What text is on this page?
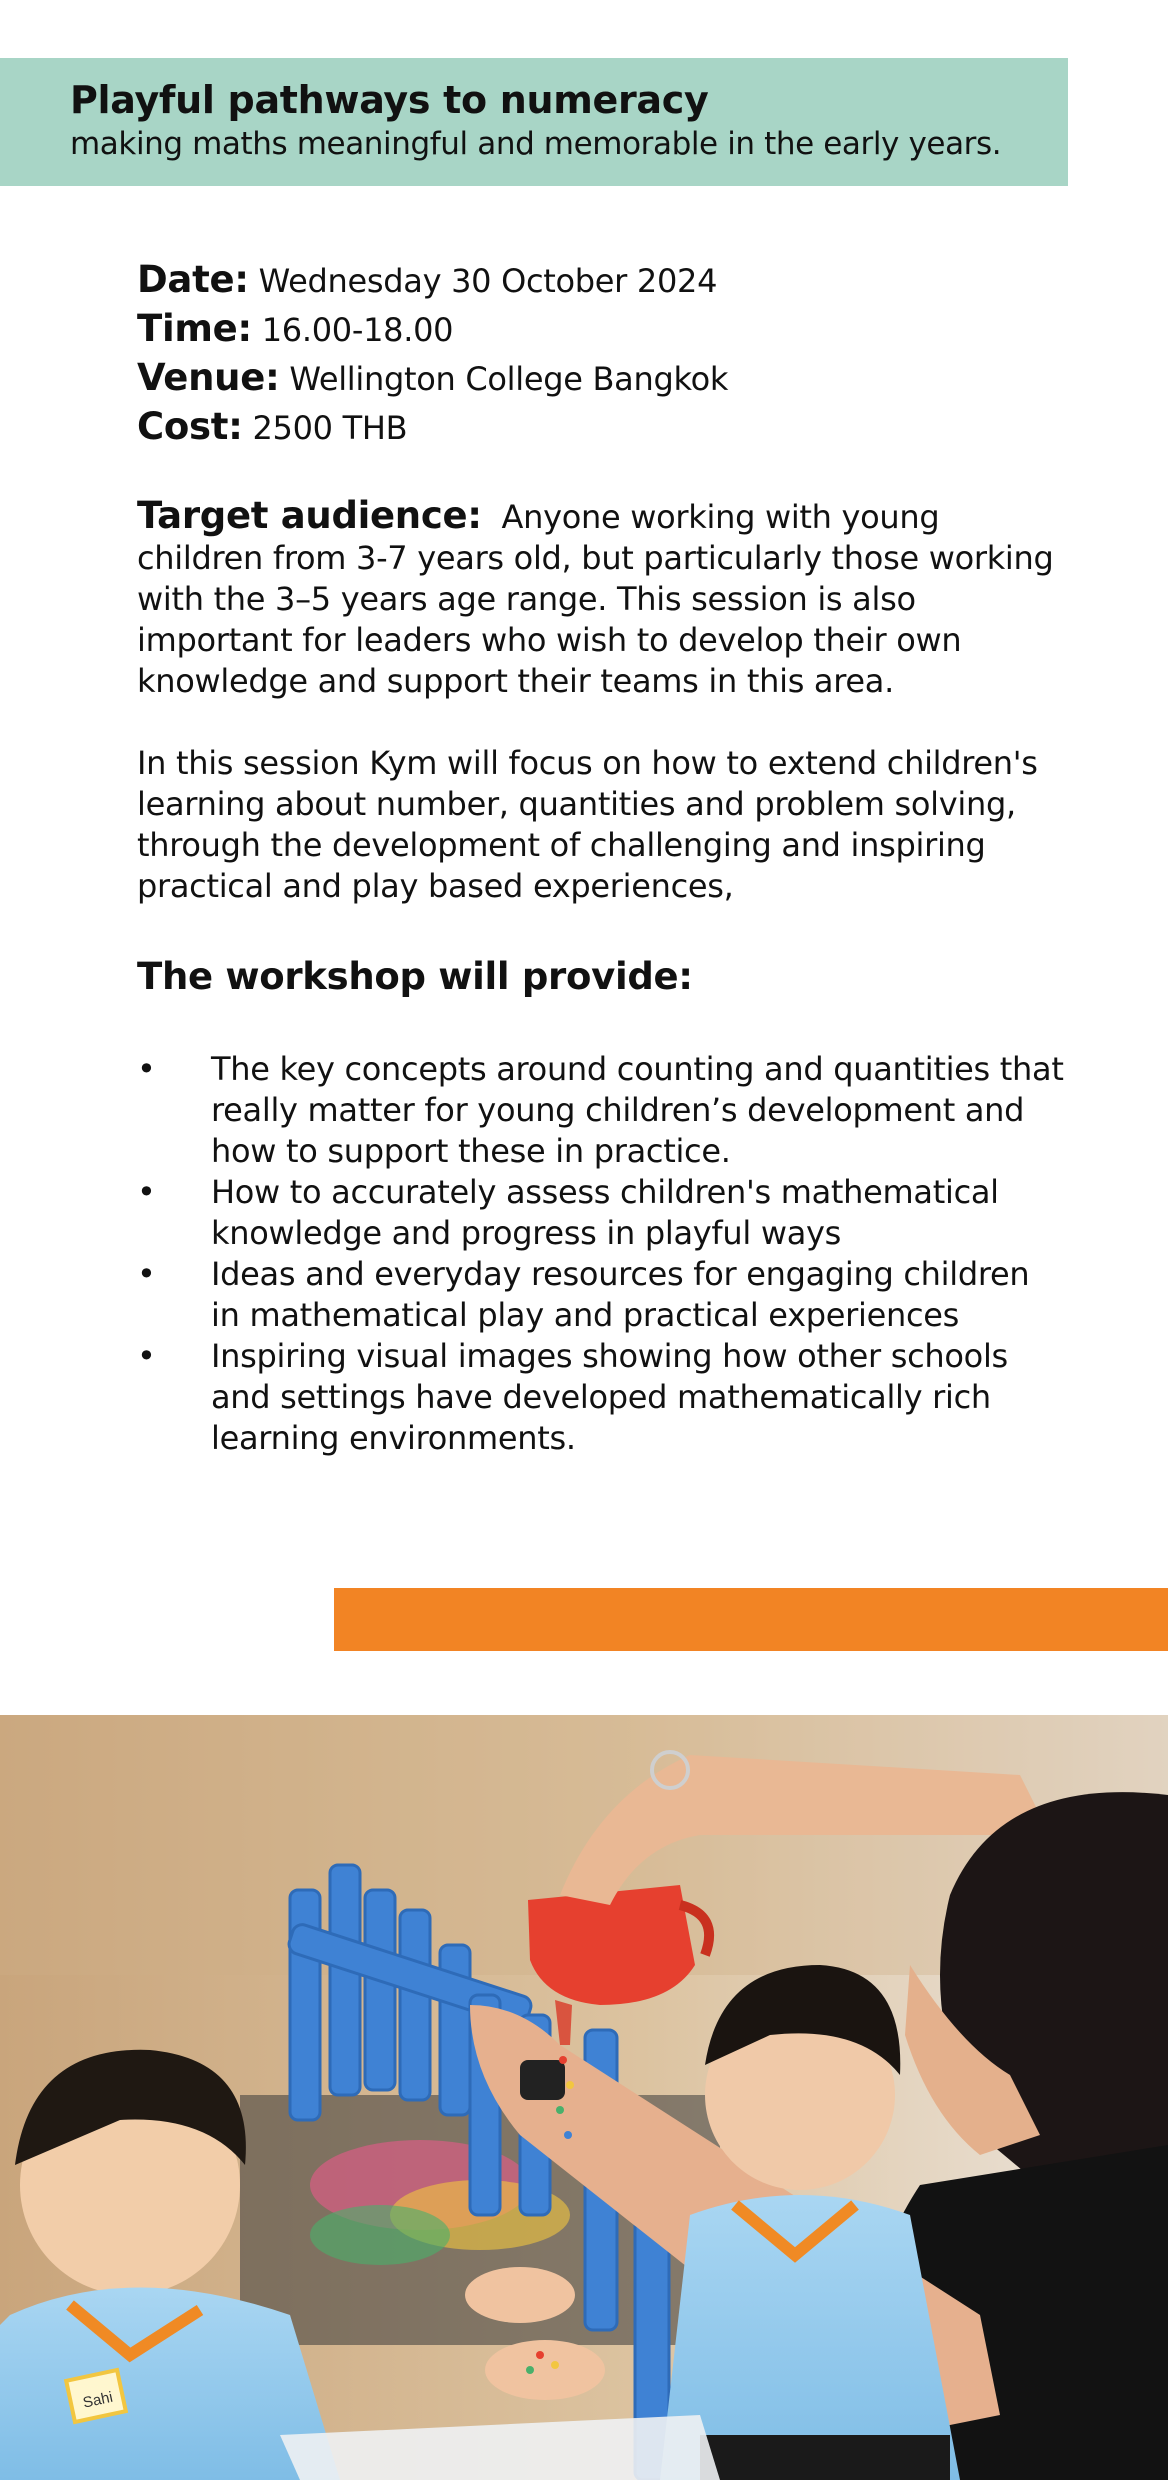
Playful pathways to numeracy
making maths meaningful and memorable in the early years.
Date: Wednesday 30 October 2024
Time: 16.00-18.00
Venue: Wellington College Bangkok
Cost: 2500 THB
Target audience: Anyone working with young children from 3-7 years old, but particularly those working with the 3–5 years age range. This session is also important for leaders who wish to develop their own knowledge and support their teams in this area.
In this session Kym will focus on how to extend children's learning about number, quantities and problem solving, through the development of challenging and inspiring practical and play based experiences,
The workshop will provide:
• The key concepts around counting and quantities that really matter for young children’s development and how to support these in practice.
• How to accurately assess children's mathematical knowledge and progress in playful ways
• Ideas and everyday resources for engaging children in mathematical play and practical experiences
• Inspiring visual images showing how other schools and settings have developed mathematically rich learning environments.
Sahi
